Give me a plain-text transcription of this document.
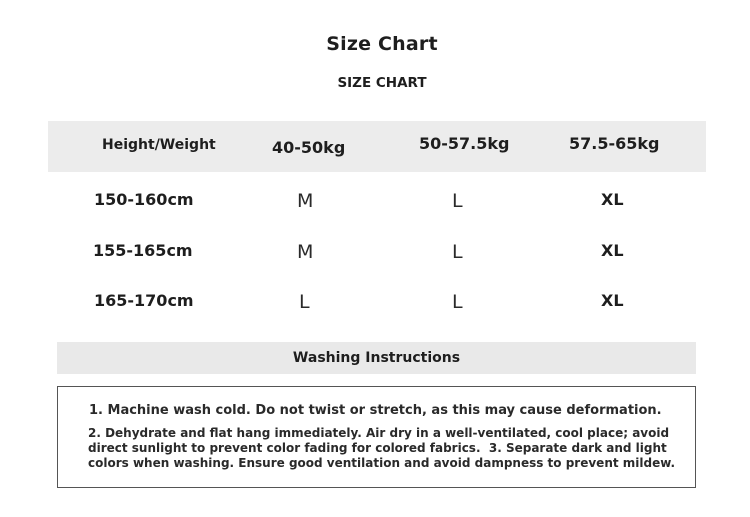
Size Chart
SIZE CHART
Height/Weight	40-50kg	50-57.5kg	57.5-65kg
150-160cm	M	L	XL
155-165cm	M	L	XL
165-170cm	L	L	XL
Washing Instructions
1. Machine wash cold. Do not twist or stretch, as this may cause deformation.
2. Dehydrate and flat hang immediately. Air dry in a well-ventilated, cool place; avoid direct sunlight to prevent color fading for colored fabrics.  3. Separate dark and light colors when washing. Ensure good ventilation and avoid dampness to prevent mildew.
